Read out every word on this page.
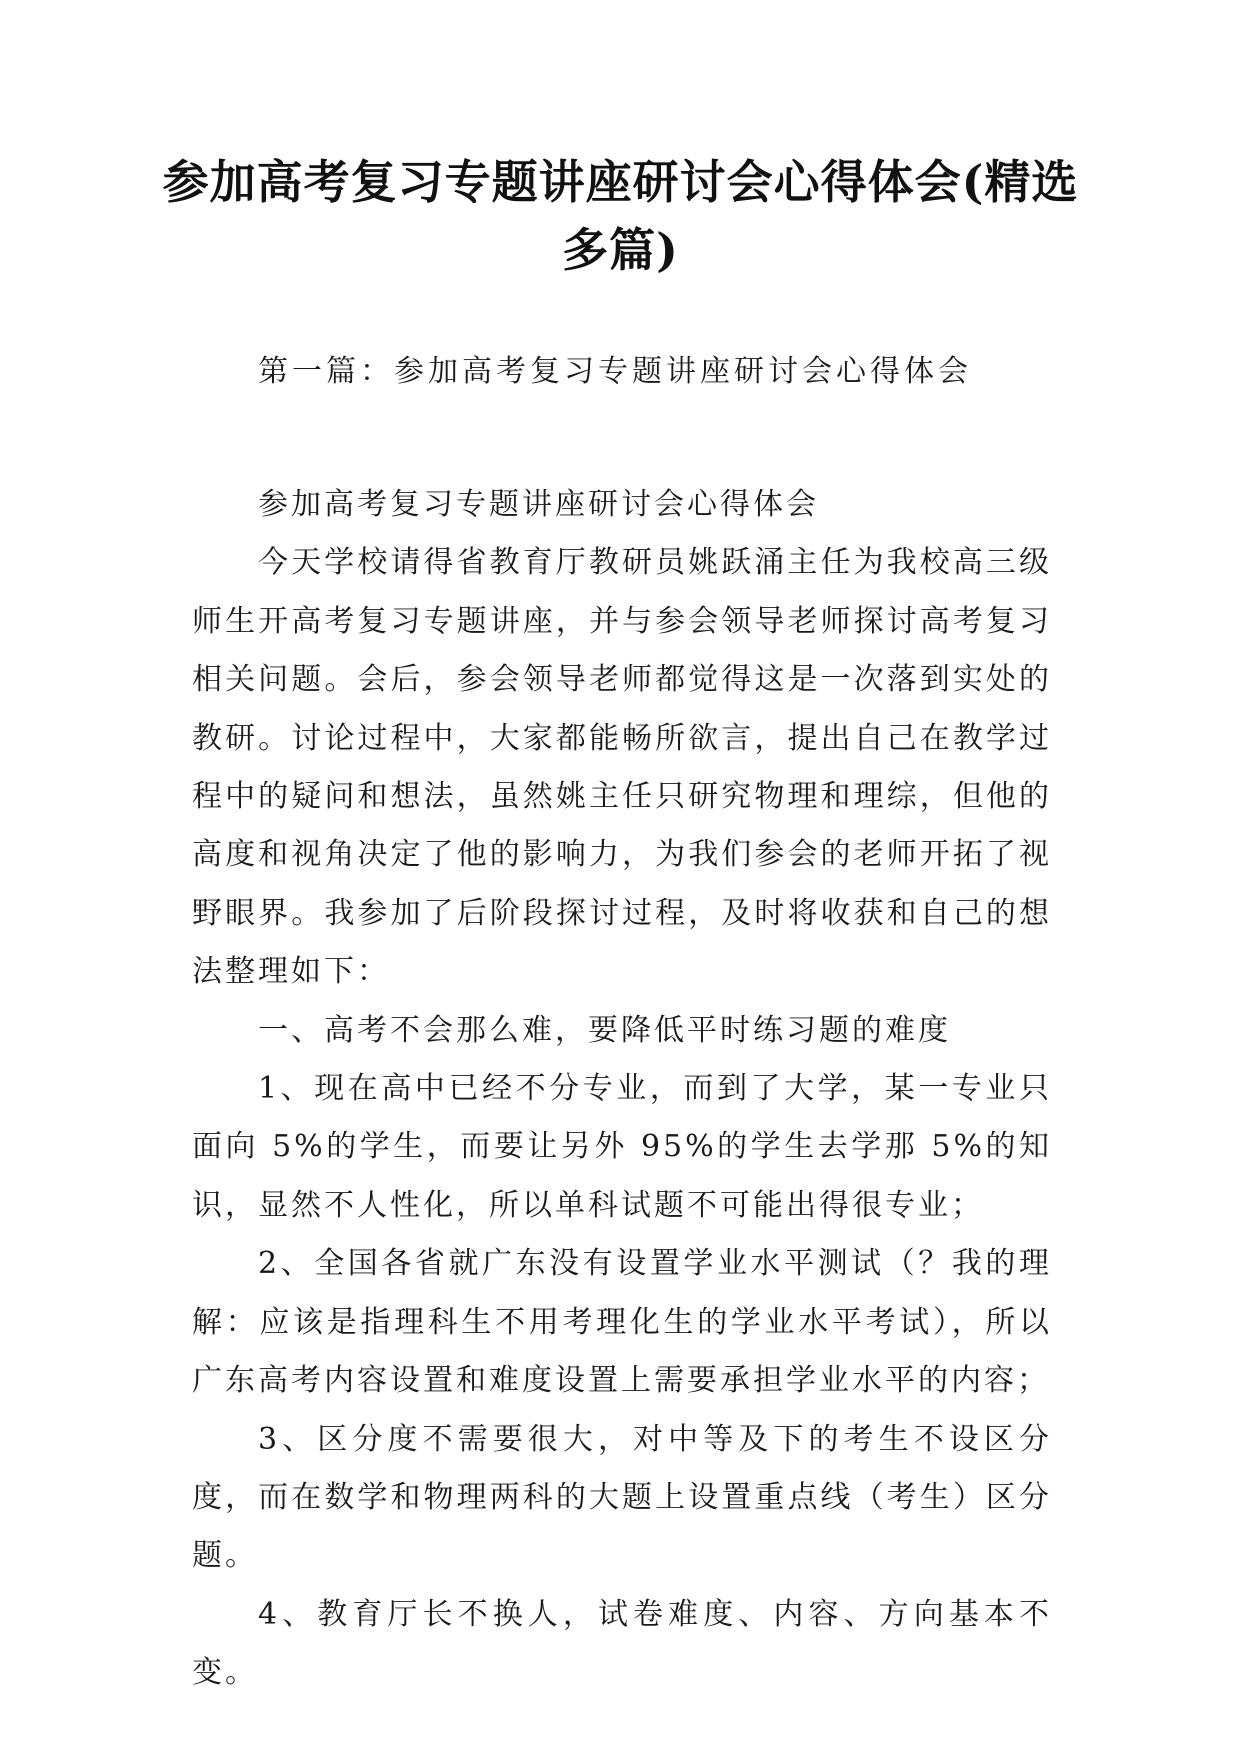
参加高考复习专题讲座研讨会心得体会(精选多篇)
第一篇：参加高考复习专题讲座研讨会心得体会

参加高考复习专题讲座研讨会心得体会

今天学校请得省教育厅教研员姚跃涌主任为我校高三级师生开高考复习专题讲座，并与参会领导老师探讨高考复习相关问题。会后，参会领导老师都觉得这是一次落到实处的教研。讨论过程中，大家都能畅所欲言，提出自己在教学过程中的疑问和想法，虽然姚主任只研究物理和理综，但他的高度和视角决定了他的影响力，为我们参会的老师开拓了视野眼界。我参加了后阶段探讨过程，及时将收获和自己的想法整理如下：

一、高考不会那么难，要降低平时练习题的难度

1、现在高中已经不分专业，而到了大学，某一专业只面向 5%的学生，而要让另外 95%的学生去学那 5%的知识，显然不人性化，所以单科试题不可能出得很专业；

2、全国各省就广东没有设置学业水平测试（？我的理解：应该是指理科生不用考理化生的学业水平考试），所以广东高考内容设置和难度设置上需要承担学业水平的内容；

3、区分度不需要很大，对中等及下的考生不设区分度，而在数学和物理两科的大题上设置重点线（考生）区分题。

4、教育厅长不换人，试卷难度、内容、方向基本不变。
